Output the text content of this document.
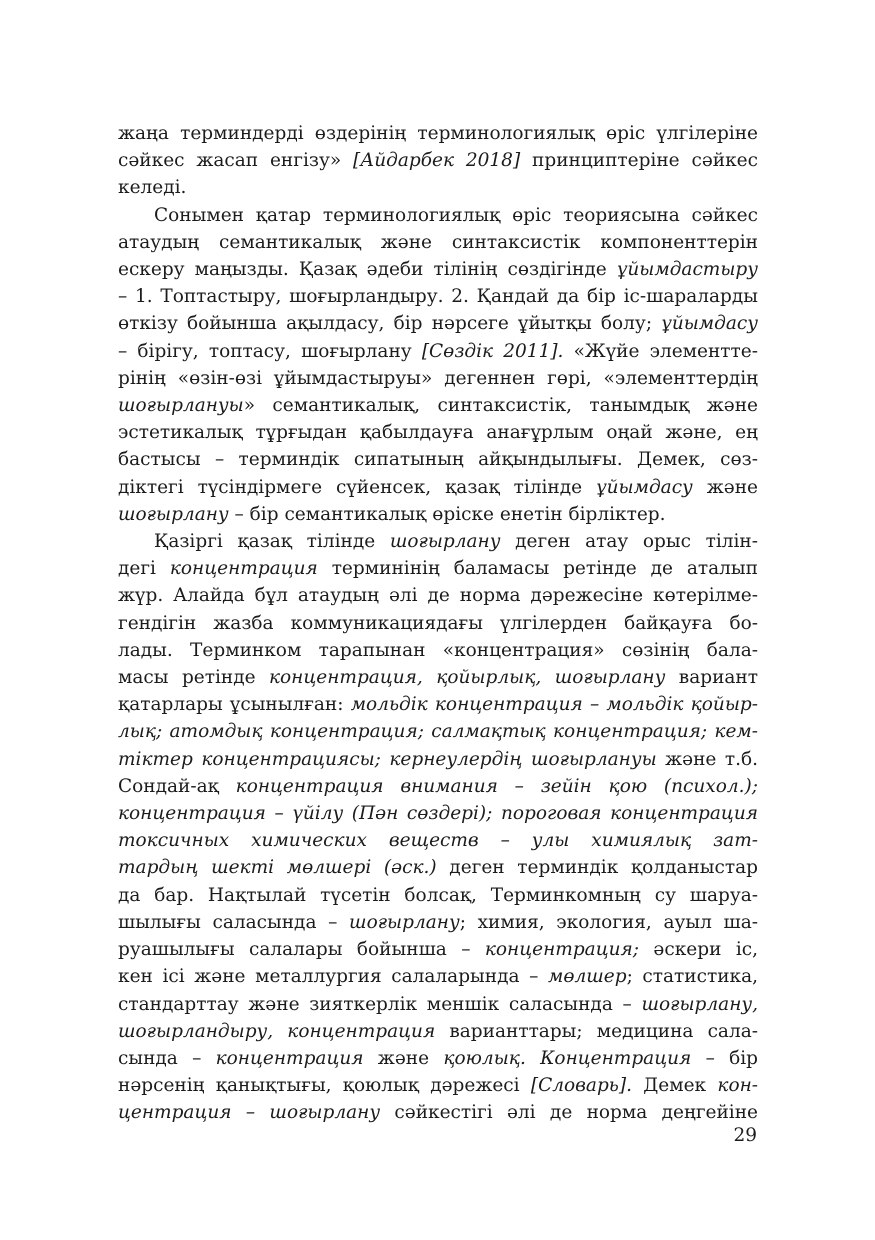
жаңа терминдерді өздерінің терминологиялық өріс үлгілеріне
сәйкес жасап енгізу» [Айдарбек 2018] принциптеріне сәйкес
келеді.
Сонымен қатар терминологиялық өріс теориясына сәйкес
атаудың семантикалық және синтаксистік компоненттерін
ескеру маңызды. Қазақ әдеби тілінің сөздігінде ұйымдастыру
– 1. Топтастыру, шоғырландыру. 2. Қандай да бір іс-шараларды
өткізу бойынша ақылдасу, бір нәрсеге ұйытқы болу; ұйымдасу
– бірігу, топтасу, шоғырлану [Сөздік 2011]. «Жүйе элементте-
рінің «өзін-өзі ұйымдастыруы» дегеннен гөрі, «элементтердің
шоғырлануы» семантикалық, синтаксистік, танымдық және
эстетикалық тұрғыдан қабылдауға анағұрлым оңай және, ең
бастысы – терминдік сипатының айқындылығы. Демек, сөз-
діктегі түсіндірмеге сүйенсек, қазақ тілінде ұйымдасу және
шоғырлану – бір семантикалық өріске енетін бірліктер.
Қазіргі қазақ тілінде шоғырлану деген атау орыс тілін-
дегі концентрация терминінің баламасы ретінде де аталып
жүр. Алайда бұл атаудың әлі де норма дәрежесіне көтерілме-
гендігін жазба коммуникациядағы үлгілерден байқауға бо-
лады. Терминком тарапынан «концентрация» сөзінің бала-
масы ретінде концентрация, қойырлық, шоғырлану вариант
қатарлары ұсынылған: мольдік концентрация – мольдік қойыр-
лық; атомдық концентрация; салмақтық концентрация; кем-
тіктер концентрациясы; кернеулердің шоғырлануы және т.б.
Сондай-ақ концентрация внимания – зейін қою (психол.);
концентрация – үйілу (Пән сөздері); пороговая концентрация
токсичных химических веществ – улы химиялық зат-
тардың шекті мөлшері (әск.) деген терминдік қолданыстар
да бар. Нақтылай түсетін болсақ, Терминкомның су шаруа-
шылығы саласында – шоғырлану; химия, экология, ауыл ша-
руашылығы салалары бойынша – концентрация; әскери іс,
кен ісі және металлургия салаларында – мөлшер; статистика,
стандарттау және зияткерлік меншік саласында – шоғырлану,
шоғырландыру, концентрация варианттары; медицина сала-
сында – концентрация және қоюлық. Концентрация – бір
нәрсенің қанықтығы, қоюлық дәрежесі [Словарь]. Демек кон-
центрация – шоғырлану сәйкестігі әлі де норма деңгейіне
29
